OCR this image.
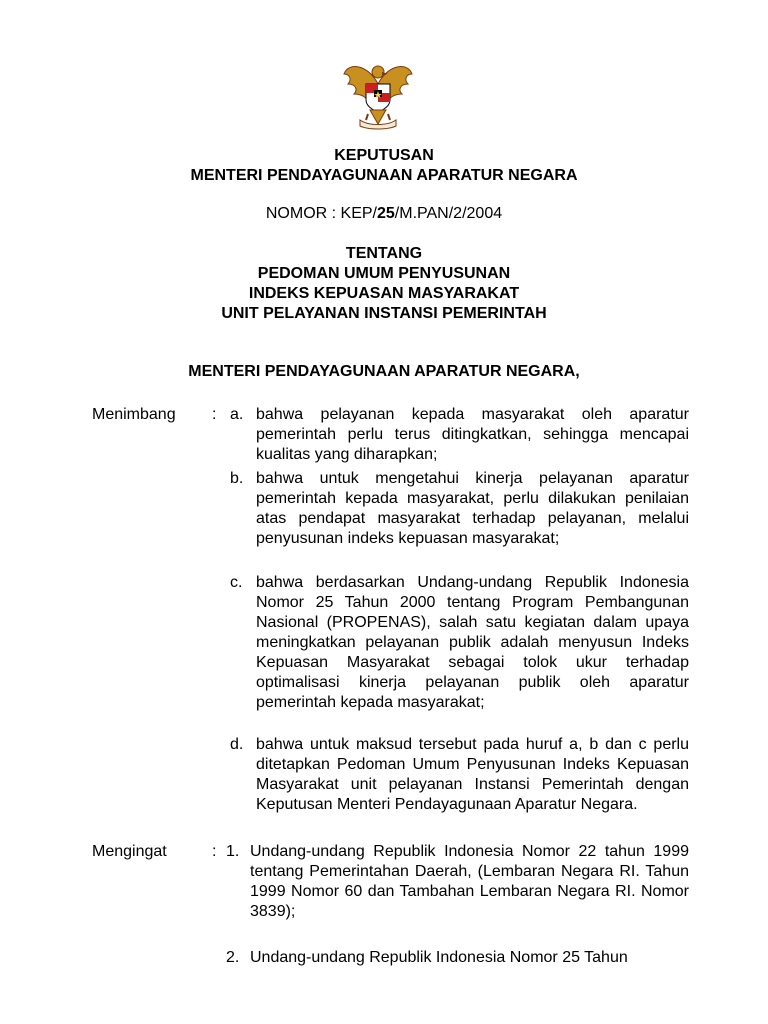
KEPUTUSAN
MENTERI PENDAYAGUNAAN APARATUR NEGARA
NOMOR : KEP/25/M.PAN/2/2004
TENTANG
PEDOMAN UMUM PENYUSUNAN
INDEKS KEPUASAN MASYARAKAT
UNIT PELAYANAN INSTANSI PEMERINTAH
MENTERI PENDAYAGUNAAN APARATUR NEGARA,
Menimbang : a. bahwa pelayanan kepada masyarakat oleh aparatur pemerintah perlu terus ditingkatkan, sehingga mencapai kualitas yang diharapkan;
b. bahwa untuk mengetahui kinerja pelayanan aparatur pemerintah kepada masyarakat, perlu dilakukan penilaian atas pendapat masyarakat terhadap pelayanan, melalui penyusunan indeks kepuasan masyarakat;
c. bahwa berdasarkan Undang-undang Republik Indonesia Nomor 25 Tahun 2000 tentang Program Pembangunan Nasional (PROPENAS), salah satu kegiatan dalam upaya meningkatkan pelayanan publik adalah menyusun Indeks Kepuasan Masyarakat sebagai tolok ukur terhadap optimalisasi kinerja pelayanan publik oleh aparatur pemerintah kepada masyarakat;
d. bahwa untuk maksud tersebut pada huruf a, b dan c perlu ditetapkan Pedoman Umum Penyusunan Indeks Kepuasan Masyarakat unit pelayanan Instansi Pemerintah dengan Keputusan Menteri Pendayagunaan Aparatur Negara.
Mengingat	: 1. Undang-undang Republik Indonesia Nomor 22 tahun 1999 tentang Pemerintahan Daerah, (Lembaran Negara RI. Tahun 1999 Nomor 60 dan Tambahan Lembaran Negara RI. Nomor 3839);
2. Undang-undang Republik Indonesia Nomor 25 Tahun
